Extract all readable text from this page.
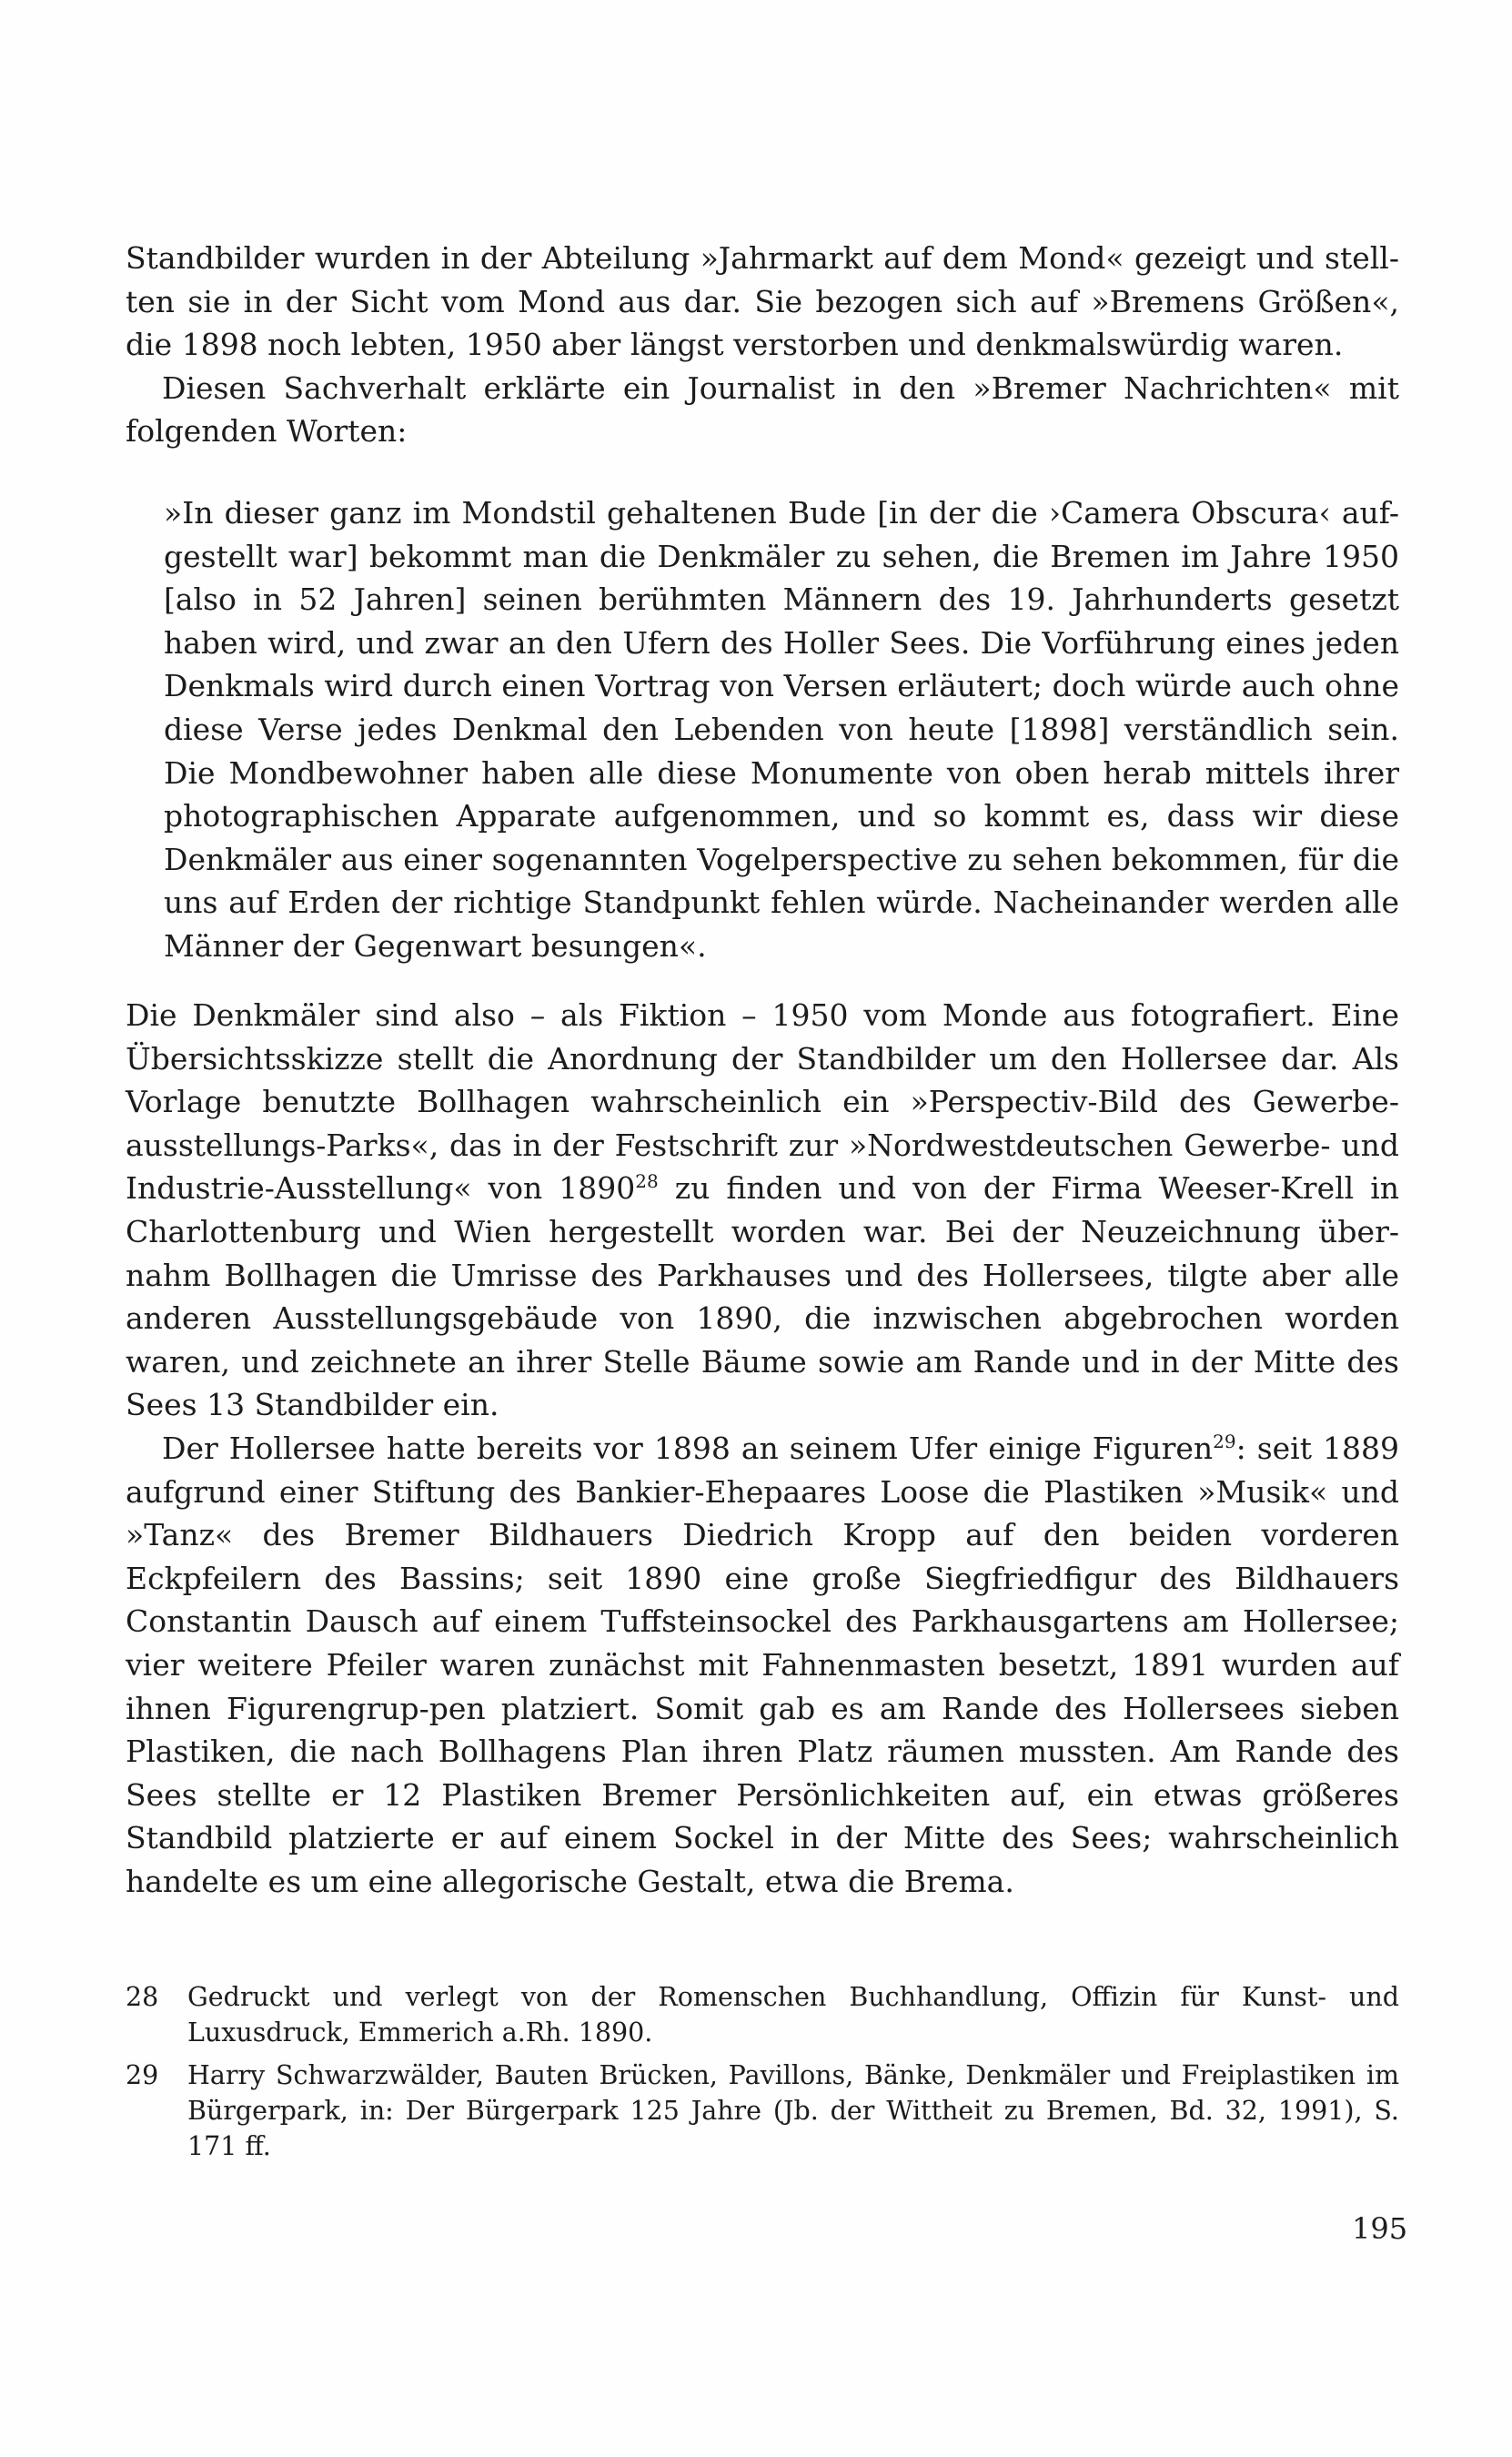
Standbilder wurden in der Abteilung »Jahrmarkt auf dem Mond« gezeigt und stell-ten sie in der Sicht vom Mond aus dar. Sie bezogen sich auf »Bremens Größen«, die 1898 noch lebten, 1950 aber längst verstorben und denkmalswürdig waren.

Diesen Sachverhalt erklärte ein Journalist in den »Bremer Nachrichten« mit folgenden Worten:

»In dieser ganz im Mondstil gehaltenen Bude [in der die ›Camera Obscura‹ auf-gestellt war] bekommt man die Denkmäler zu sehen, die Bremen im Jahre 1950 [also in 52 Jahren] seinen berühmten Männern des 19. Jahrhunderts gesetzt haben wird, und zwar an den Ufern des Holler Sees. Die Vorführung eines jeden Denkmals wird durch einen Vortrag von Versen erläutert; doch würde auch ohne diese Verse jedes Denkmal den Lebenden von heute [1898] verständlich sein. Die Mondbewohner haben alle diese Monumente von oben herab mittels ihrer photographischen Apparate aufgenommen, und so kommt es, dass wir diese Denkmäler aus einer sogenannten Vogelperspective zu sehen bekommen, für die uns auf Erden der richtige Standpunkt fehlen würde. Nacheinander werden alle Männer der Gegenwart besungen«.

Die Denkmäler sind also – als Fiktion – 1950 vom Monde aus fotografiert. Eine Übersichtsskizze stellt die Anordnung der Standbilder um den Hollersee dar. Als Vorlage benutzte Bollhagen wahrscheinlich ein »Perspectiv-Bild des Gewerbe-ausstellungs-Parks«, das in der Festschrift zur »Nordwestdeutschen Gewerbe- und Industrie-Ausstellung« von 1890$^{28}$ zu finden und von der Firma Weeser-Krell in Charlottenburg und Wien hergestellt worden war. Bei der Neuzeichnung über-nahm Bollhagen die Umrisse des Parkhauses und des Hollersees, tilgte aber alle anderen Ausstellungsgebäude von 1890, die inzwischen abgebrochen worden waren, und zeichnete an ihrer Stelle Bäume sowie am Rande und in der Mitte des Sees 13 Standbilder ein.

Der Hollersee hatte bereits vor 1898 an seinem Ufer einige Figuren$^{29}$: seit 1889 aufgrund einer Stiftung des Bankier-Ehepaares Loose die Plastiken »Musik« und »Tanz« des Bremer Bildhauers Diedrich Kropp auf den beiden vorderen Eckpfeilern des Bassins; seit 1890 eine große Siegfriedfigur des Bildhauers Constantin Dausch auf einem Tuffsteinsockel des Parkhausgartens am Hollersee; vier weitere Pfeiler waren zunächst mit Fahnenmasten besetzt, 1891 wurden auf ihnen Figurengrup-pen platziert. Somit gab es am Rande des Hollersees sieben Plastiken, die nach Bollhagens Plan ihren Platz räumen mussten. Am Rande des Sees stellte er 12 Plastiken Bremer Persönlichkeiten auf, ein etwas größeres Standbild platzierte er auf einem Sockel in der Mitte des Sees; wahrscheinlich handelte es um eine allegorische Gestalt, etwa die Brema.

28	Gedruckt und verlegt von der Romenschen Buchhandlung, Offizin für Kunst- und Luxusdruck, Emmerich a.Rh. 1890.
29	Harry Schwarzwälder, Bauten Brücken, Pavillons, Bänke, Denkmäler und Freiplastiken im Bürgerpark, in: Der Bürgerpark 125 Jahre (Jb. der Wittheit zu Bremen, Bd. 32, 1991), S. 171 ff.
195
